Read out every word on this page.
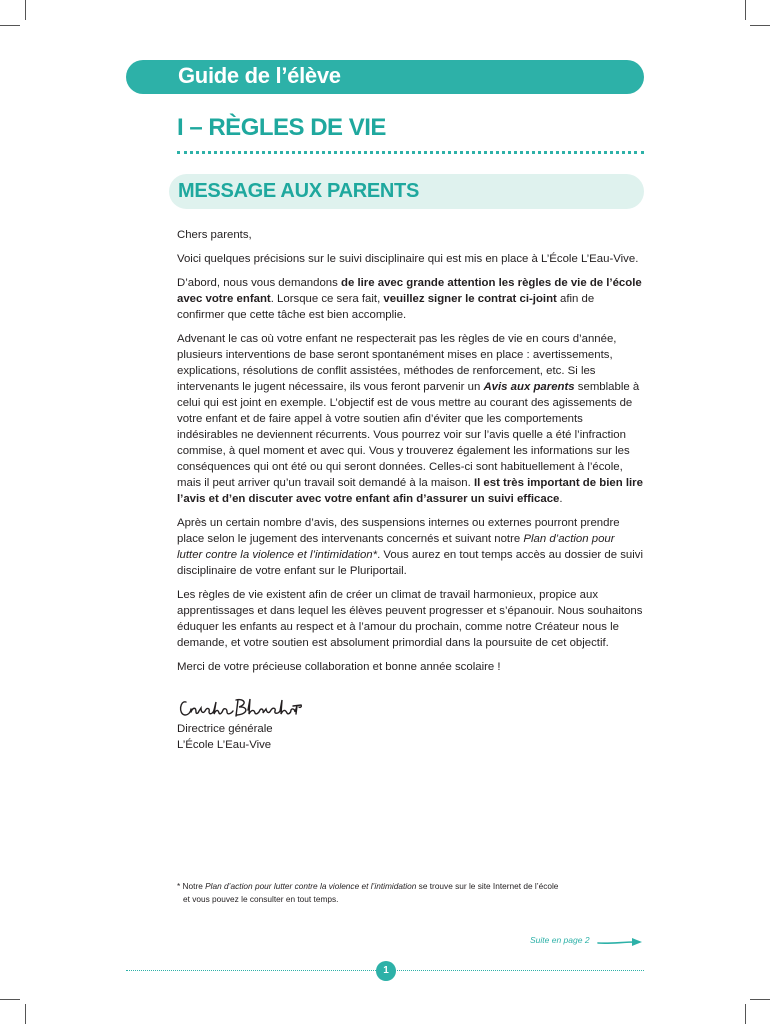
Guide de l’élève
I – RÈGLES DE VIE
MESSAGE AUX PARENTS

Chers parents,

Voici quelques précisions sur le suivi disciplinaire qui est mis en place à L’École L’Eau-Vive.

D’abord, nous vous demandons de lire avec grande attention les règles de vie de l’école avec votre enfant. Lorsque ce sera fait, veuillez signer le contrat ci-joint afin de confirmer que cette tâche est bien accomplie.

Advenant le cas où votre enfant ne respecterait pas les règles de vie en cours d’année, plusieurs interventions de base seront spontanément mises en place : avertissements, explications, résolutions de conflit assistées, méthodes de renforcement, etc. Si les intervenants le jugent nécessaire, ils vous feront parvenir un Avis aux parents semblable à celui qui est joint en exemple. L’objectif est de vous mettre au courant des agissements de votre enfant et de faire appel à votre soutien afin d’éviter que les comportements indésirables ne deviennent récurrents. Vous pourrez voir sur l’avis quelle a été l’infraction commise, à quel moment et avec qui. Vous y trouverez également les informations sur les conséquences qui ont été ou qui seront données. Celles-ci sont habituellement à l’école, mais il peut arriver qu’un travail soit demandé à la maison. Il est très important de bien lire l’avis et d’en discuter avec votre enfant afin d’assurer un suivi efficace.

Après un certain nombre d’avis, des suspensions internes ou externes pourront prendre place selon le jugement des intervenants concernés et suivant notre Plan d’action pour lutter contre la violence et l’intimidation*. Vous aurez en tout temps accès au dossier de suivi disciplinaire de votre enfant sur le Pluriportail.

Les règles de vie existent afin de créer un climat de travail harmonieux, propice aux apprentissages et dans lequel les élèves peuvent progresser et s’épanouir. Nous souhaitons éduquer les enfants au respect et à l’amour du prochain, comme notre Créateur nous le demande, et votre soutien est absolument primordial dans la poursuite de cet objectif.

Merci de votre précieuse collaboration et bonne année scolaire !

Directrice générale
L’École L’Eau-Vive
* Notre Plan d’action pour lutter contre la violence et l’intimidation se trouve sur le site Internet de l’école
et vous pouvez le consulter en tout temps.
Suite en page 2
1
